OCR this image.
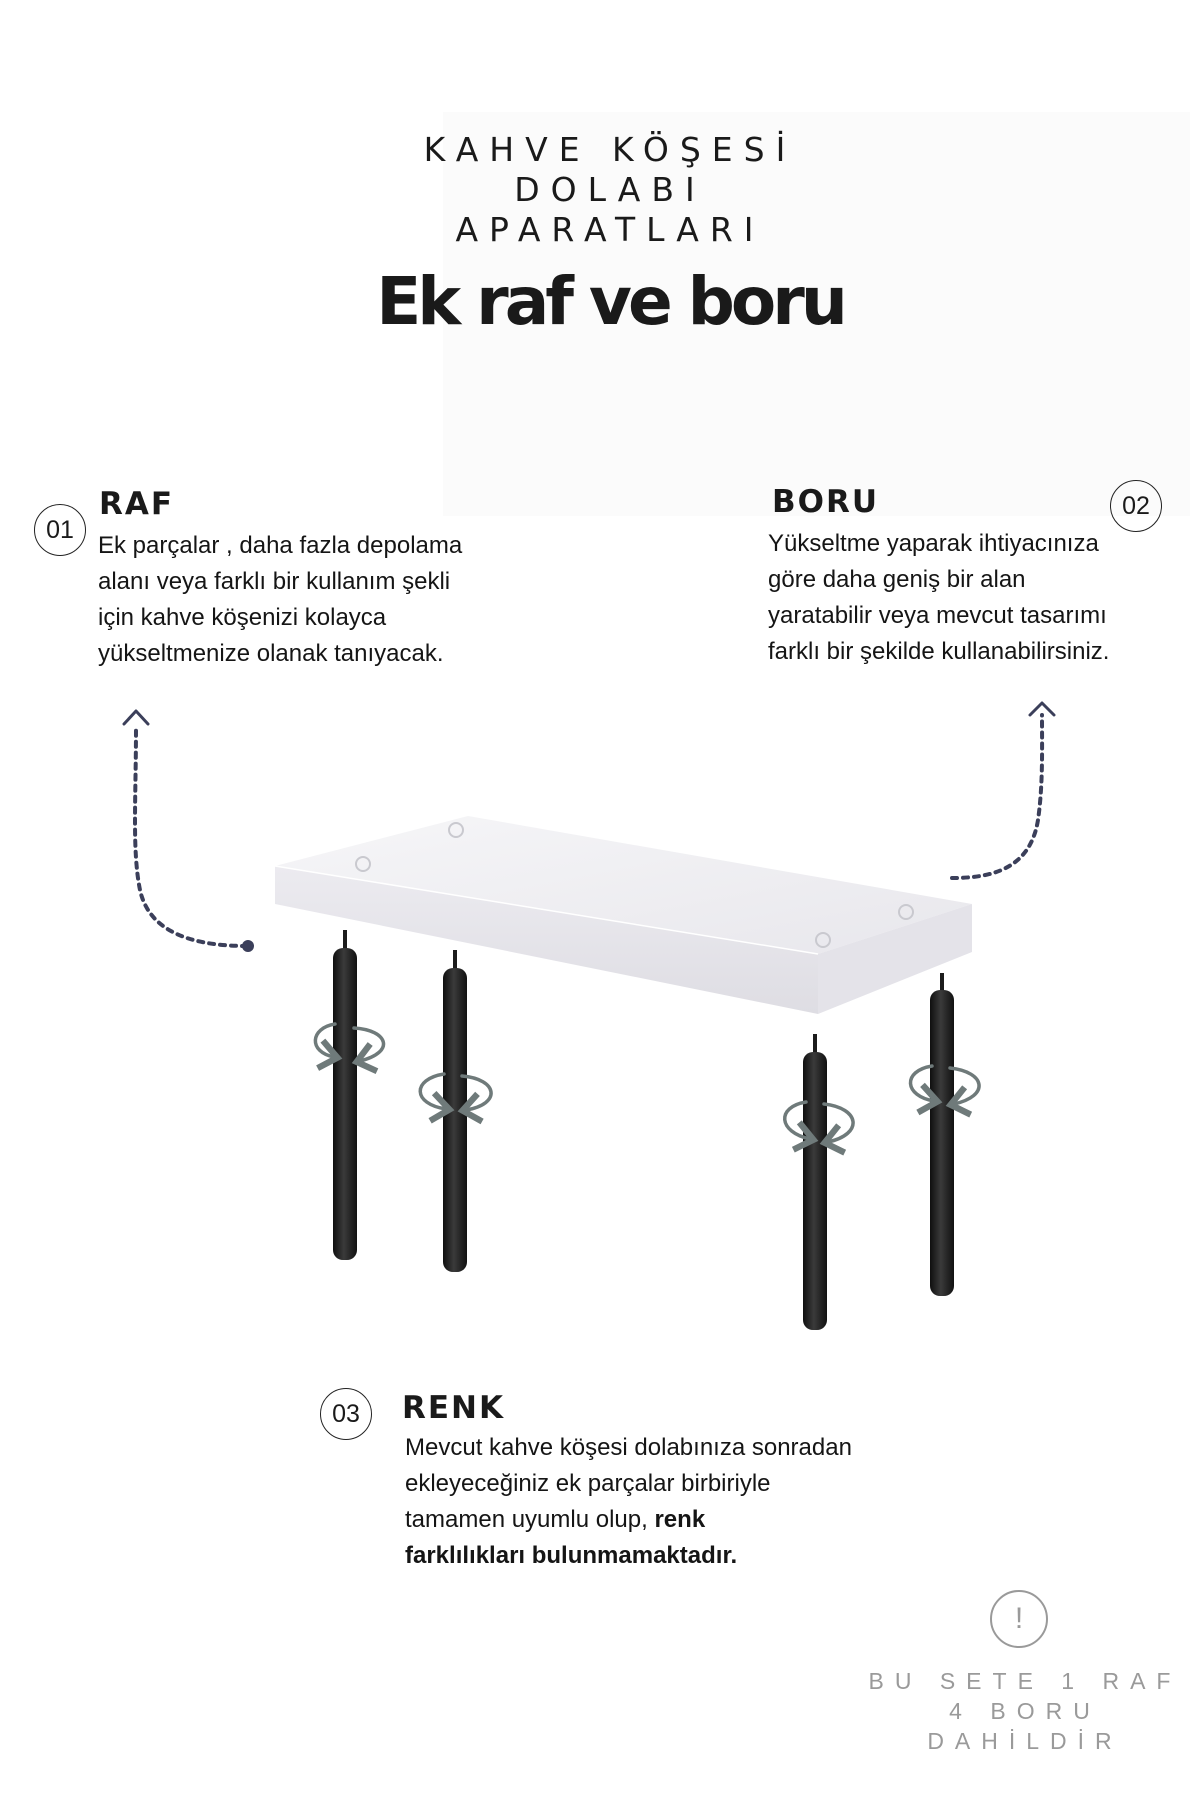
KAHVE KÖŞESİ
DOLABI
APARATLARI
Ek raf ve boru
01
RAF

Ek parçalar , daha fazla depolama

alanı veya farklı bir kullanım şekli

için kahve köşenizi kolayca

yükseltmenize olanak tanıyacak.

02
BORU

Yükseltme yaparak ihtiyacınıza

göre daha geniş bir alan

yaratabilir veya mevcut tasarımı

farklı bir şekilde kullanabilirsiniz.

03	RENK

Mevcut kahve köşesi dolabınıza sonradan

ekleyeceğiniz ek parçalar birbiriyle

tamamen uyumlu olup, renk

farklılıkları bulunmamaktadır.

!
BU SETE 1 RAF
4 BORU
DAHİLDİR
